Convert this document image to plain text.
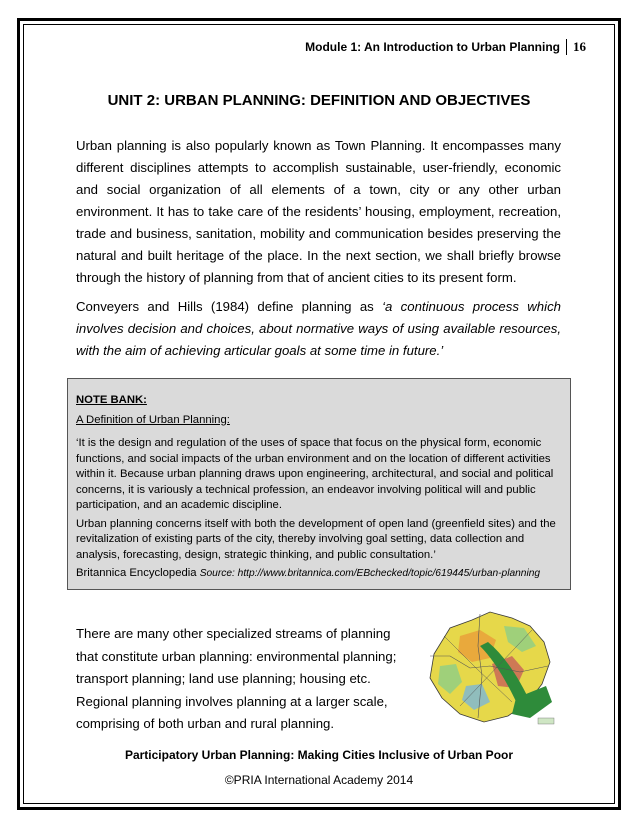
Module 1: An Introduction to Urban Planning 16
UNIT 2: URBAN PLANNING: DEFINITION AND OBJECTIVES
Urban planning is also popularly known as Town Planning. It encompasses many different disciplines attempts to accomplish sustainable, user-friendly, economic and social organization of all elements of a town, city or any other urban environment. It has to take care of the residents’ housing, employment, recreation, trade and business, sanitation, mobility and communication besides preserving the natural and built heritage of the place. In the next section, we shall briefly browse through the history of planning from that of ancient cities to its present form.
Conveyers and Hills (1984) define planning as ‘a continuous process which involves decision and choices, about normative ways of using available resources, with the aim of achieving articular goals at some time in future.’
NOTE BANK:
A Definition of Urban Planning:
‘It is the design and regulation of the uses of space that focus on the physical form, economic functions, and social impacts of the urban environment and on the location of different activities within it. Because urban planning draws upon engineering, architectural, and social and political concerns, it is variously a technical profession, an endeavor involving political will and public participation, and an academic discipline.
Urban planning concerns itself with both the development of open land (greenfield sites) and the revitalization of existing parts of the city, thereby involving goal setting, data collection and analysis, forecasting, design, strategic thinking, and public consultation.’
Britannica Encyclopedia Source: http://www.britannica.com/EBchecked/topic/619445/urban-planning
There are many other specialized streams of planning that constitute urban planning: environmental planning; transport planning; land use planning; housing etc. Regional planning involves planning at a larger scale, comprising of both urban and rural planning.
Participatory Urban Planning: Making Cities Inclusive of Urban Poor
©PRIA International Academy 2014
